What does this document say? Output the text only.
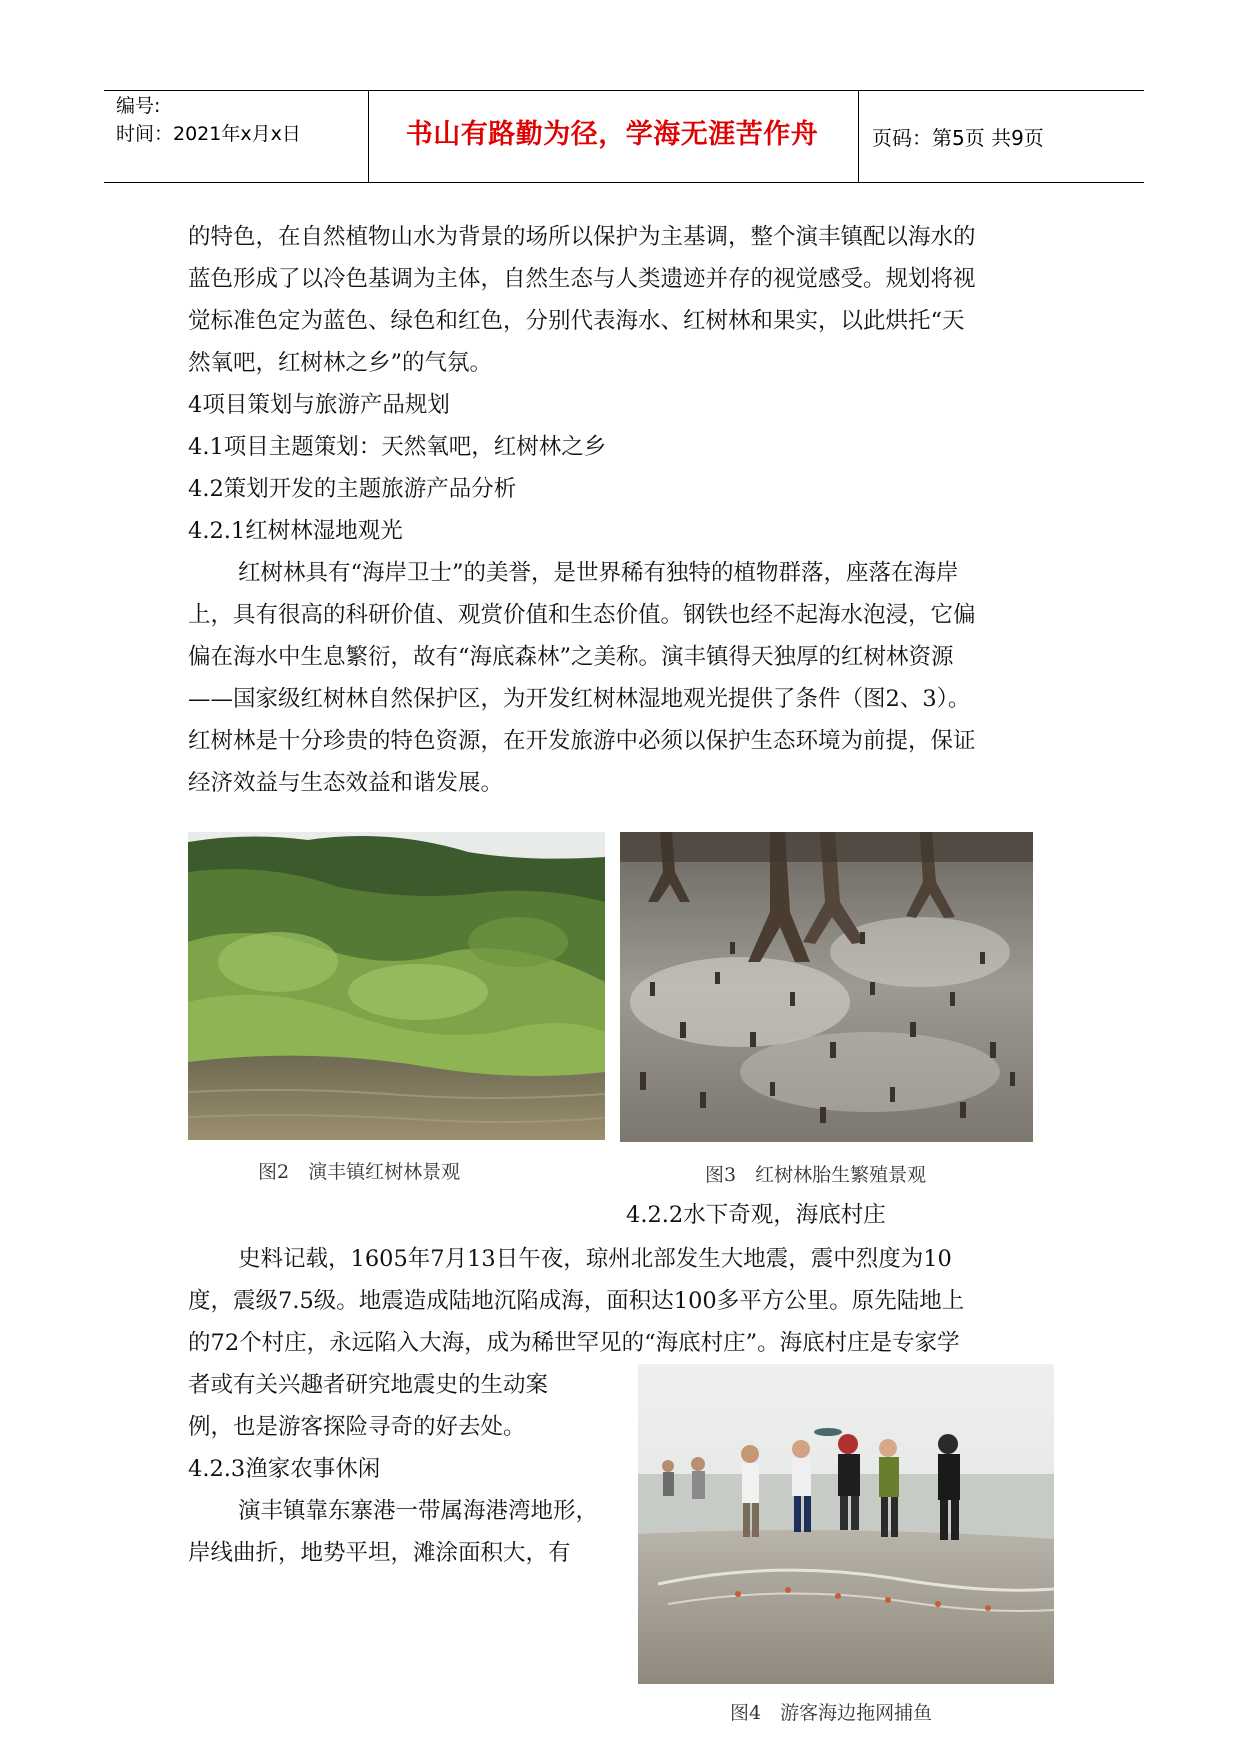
编号:
时间：2021年x月x日	书山有路勤为径，学海无涯苦作舟	页码：第5页 共9页
的特色，在自然植物山水为背景的场所以保护为主基调，整个演丰镇配以海水的
蓝色形成了以冷色基调为主体，自然生态与人类遗迹并存的视觉感受。规划将视
觉标准色定为蓝色、绿色和红色，分别代表海水、红树林和果实，以此烘托“天
然氧吧，红树林之乡”的气氛。
4项目策划与旅游产品规划
4.1项目主题策划：天然氧吧，红树林之乡
4.2策划开发的主题旅游产品分析
4.2.1红树林湿地观光
红树林具有“海岸卫士”的美誉，是世界稀有独特的植物群落，座落在海岸
上，具有很高的科研价值、观赏价值和生态价值。钢铁也经不起海水泡浸，它偏
偏在海水中生息繁衍，故有“海底森林”之美称。演丰镇得天独厚的红树林资源
——国家级红树林自然保护区，为开发红树林湿地观光提供了条件（图2、3）。
红树林是十分珍贵的特色资源，在开发旅游中必须以保护生态环境为前提，保证
经济效益与生态效益和谐发展。
图2　演丰镇红树林景观	图3　红树林胎生繁殖景观
4.2.2水下奇观，海底村庄
史料记载，1605年7月13日午夜，琼州北部发生大地震，震中烈度为10
度，震级7.5级。地震造成陆地沉陷成海，面积达100多平方公里。原先陆地上
的72个村庄，永远陷入大海，成为稀世罕见的“海底村庄”。海底村庄是专家学
者或有关兴趣者研究地震史的生动案
例，也是游客探险寻奇的好去处。
4.2.3渔家农事休闲
演丰镇靠东寨港一带属海港湾地形，
岸线曲折，地势平坦，滩涂面积大，有
图4　游客海边拖网捕鱼
